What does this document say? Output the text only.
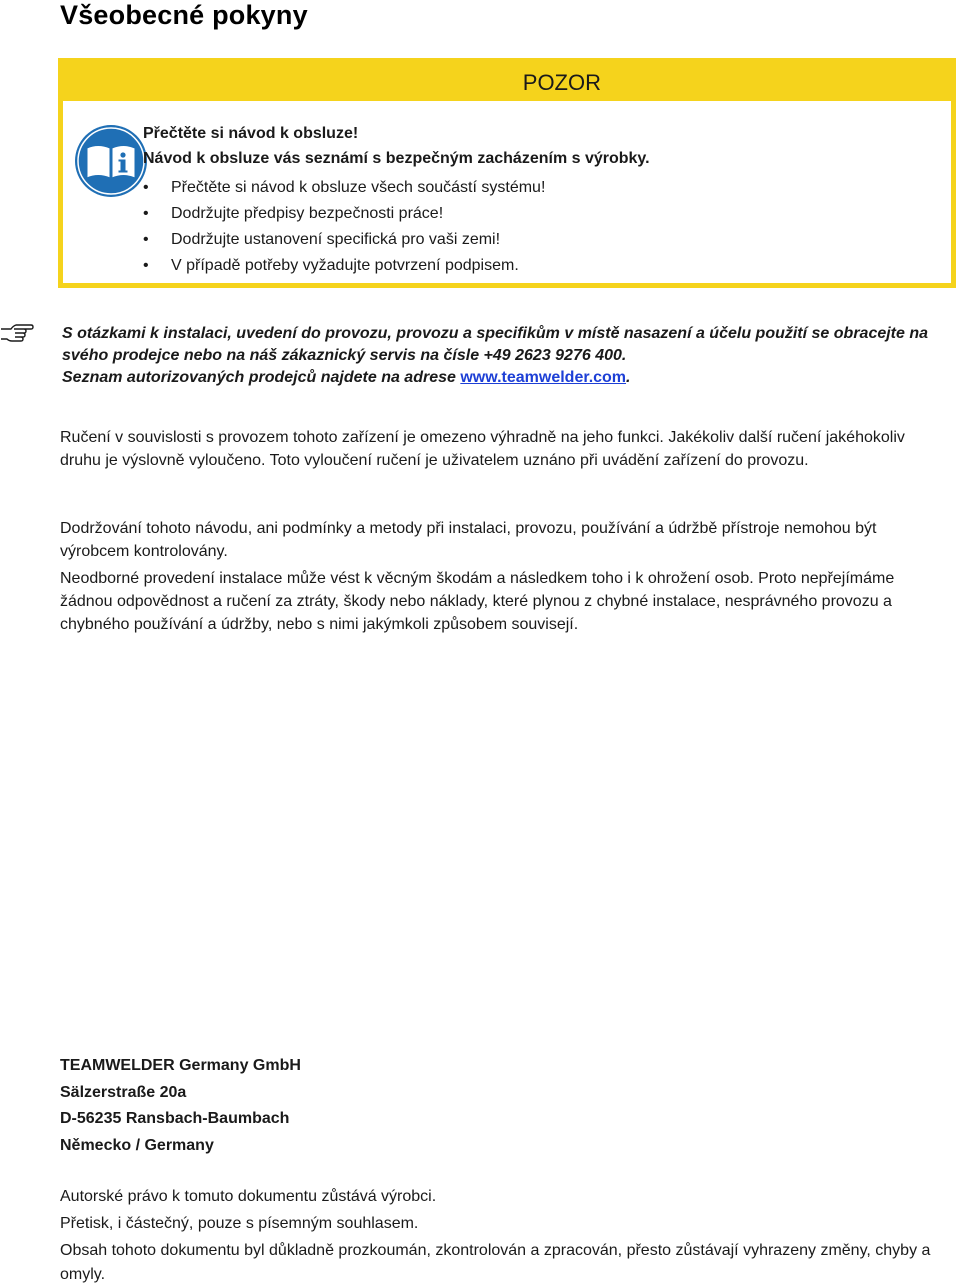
Všeobecné pokyny
POZOR
Přečtěte si návod k obsluze!
Návod k obsluze vás seznámí s bezpečným zacházením s výrobky.
• Přečtěte si návod k obsluze všech součástí systému!
• Dodržujte předpisy bezpečnosti práce!
• Dodržujte ustanovení specifická pro vaši zemi!
• V případě potřeby vyžadujte potvrzení podpisem.
S otázkami k instalaci, uvedení do provozu, provozu a specifikům v místě nasazení a účelu použití se obracejte na svého prodejce nebo na náš zákaznický servis na čísle +49 2623 9276 400.
Seznam autorizovaných prodejců najdete na adrese www.teamwelder.com.
Ručení v souvislosti s provozem tohoto zařízení je omezeno výhradně na jeho funkci. Jakékoliv další ručení jakéhokoliv druhu je výslovně vyloučeno. Toto vyloučení ručení je uživatelem uznáno při uvádění zařízení do provozu.
Dodržování tohoto návodu, ani podmínky a metody při instalaci, provozu, používání a údržbě přístroje nemohou být výrobcem kontrolovány.
Neodborné provedení instalace může vést k věcným škodám a následkem toho i k ohrožení osob. Proto nepřejímáme žádnou odpovědnost a ručení za ztráty, škody nebo náklady, které plynou z chybné instalace, nesprávného provozu a chybného používání a údržby, nebo s nimi jakýmkoli způsobem souvisejí.
TEAMWELDER Germany GmbH
Sälzerstraße 20a
D-56235 Ransbach-Baumbach
Německo / Germany
Autorské právo k tomuto dokumentu zůstává výrobci.
Přetisk, i částečný, pouze s písemným souhlasem.
Obsah tohoto dokumentu byl důkladně prozkoumán, zkontrolován a zpracován, přesto zůstávají vyhrazeny změny, chyby a omyly.
